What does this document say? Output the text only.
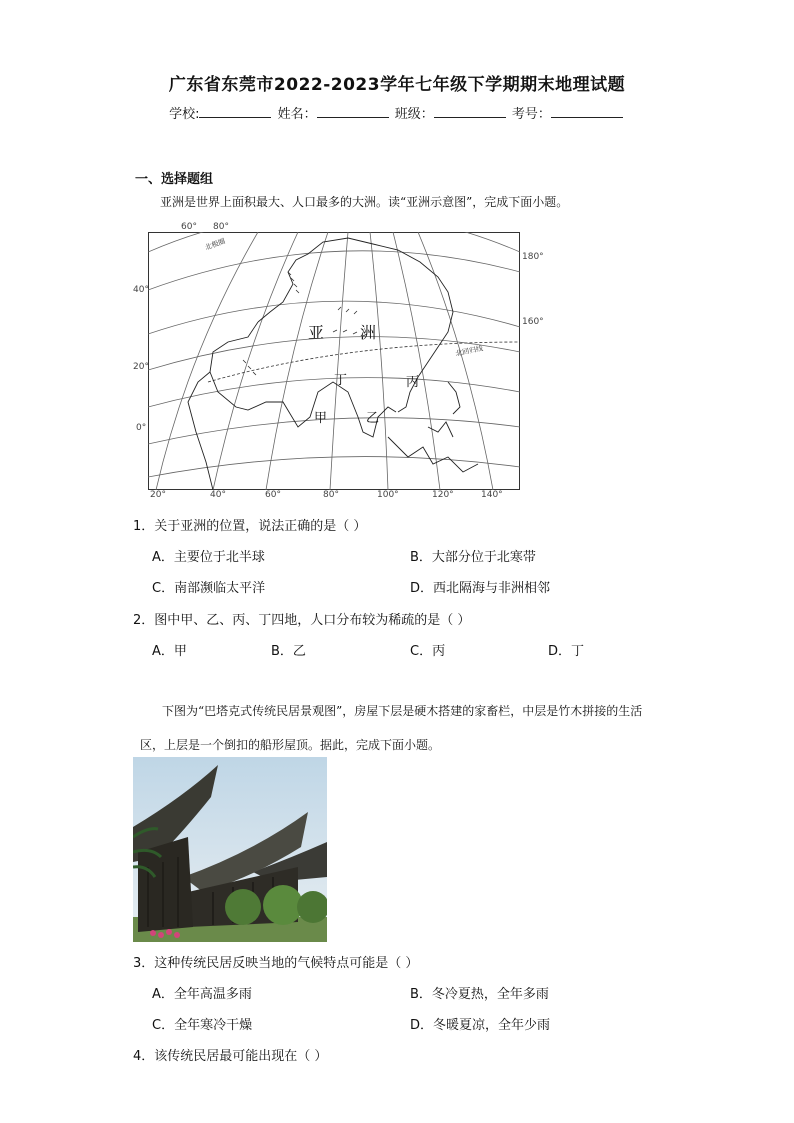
广东省东莞市2022-2023学年七年级下学期期末地理试题
学校:	姓名：	班级：	考号：
一、选择题组
亚洲是世界上面积最大、人口最多的大洲。读“亚洲示意图”，完成下面小题。
亚 洲
丁	丙
甲	乙
北回归线
北极圈
20°	40°	60°	80°	100°	120°	140°
40°
20°
0°
60° 80°
180°
160°
1．关于亚洲的位置，说法正确的是（ ）
A．主要位于北半球	B．大部分位于北寒带
C．南部濒临太平洋	D．西北隔海与非洲相邻
2．图中甲、乙、丙、丁四地，人口分布较为稀疏的是（ ）
A．甲	B．乙	C．丙	D．丁
下图为“巴塔克式传统民居景观图”，房屋下层是硬木搭建的家畜栏，中层是竹木拼接的生活区，上层是一个倒扣的船形屋顶。据此，完成下面小题。
3．这种传统民居反映当地的气候特点可能是（ ）
A．全年高温多雨	B．冬冷夏热，全年多雨
C．全年寒冷干燥	D．冬暖夏凉，全年少雨
4．该传统民居最可能出现在（ ）
